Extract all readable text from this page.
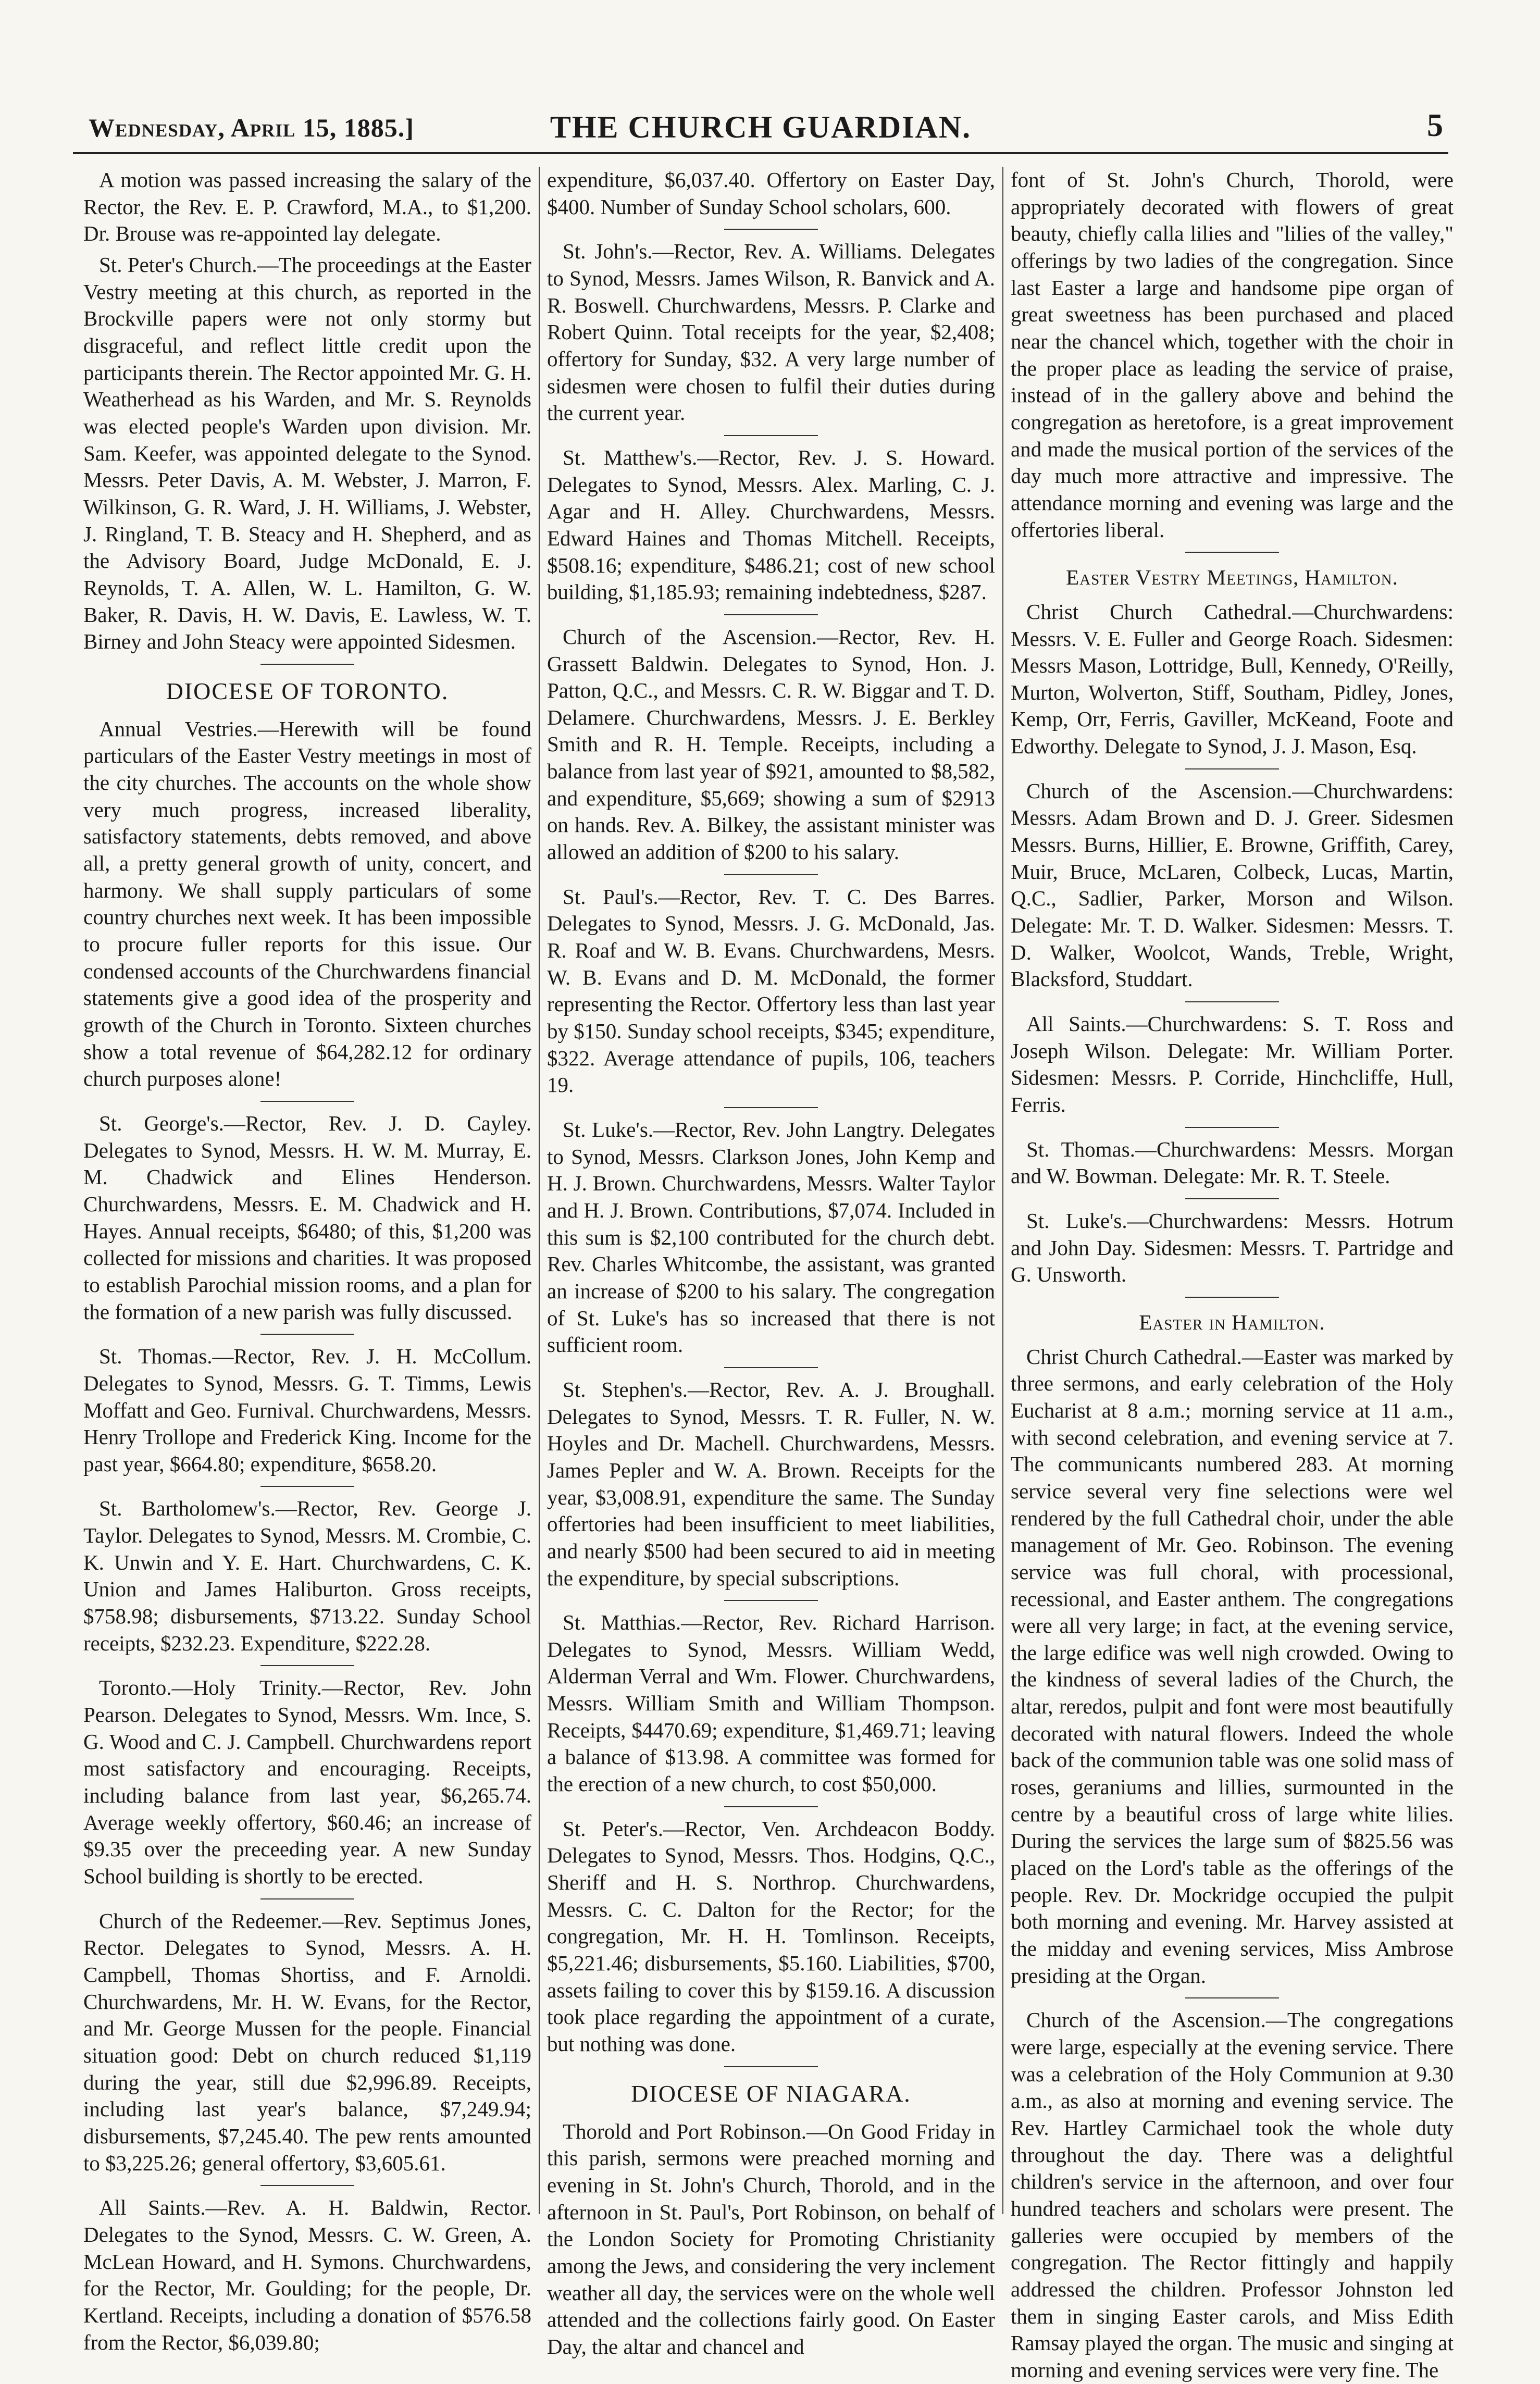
Wednesday, April 15, 1885.]	THE CHURCH GUARDIAN.	5

A motion was passed increasing the salary of the Rector, the Rev. E. P. Crawford, M.A., to $1,200. Dr. Brouse was re-appointed lay delegate.

St. Peter's Church.—The proceedings at the Easter Vestry meeting at this church, as reported in the Brockville papers were not only stormy but disgraceful, and reflect little credit upon the participants therein. The Rector appointed Mr. G. H. Weatherhead as his Warden, and Mr. S. Reynolds was elected people's Warden upon division. Mr. Sam. Keefer, was appointed delegate to the Synod. Messrs. Peter Davis, A. M. Webster, J. Marron, F. Wilkinson, G. R. Ward, J. H. Williams, J. Webster, J. Ringland, T. B. Steacy and H. Shepherd, and as the Advisory Board, Judge McDonald, E. J. Reynolds, T. A. Allen, W. L. Hamilton, G. W. Baker, R. Davis, H. W. Davis, E. Lawless, W. T. Birney and John Steacy were appointed Sidesmen.

DIOCESE OF TORONTO.

Annual Vestries.—Herewith will be found particulars of the Easter Vestry meetings in most of the city churches. The accounts on the whole show very much progress, increased liberality, satisfactory statements, debts removed, and above all, a pretty general growth of unity, concert, and harmony. We shall supply particulars of some country churches next week. It has been impossible to procure fuller reports for this issue. Our condensed accounts of the Churchwardens financial statements give a good idea of the prosperity and growth of the Church in Toronto. Sixteen churches show a total revenue of $64,282.12 for ordinary church purposes alone!

St. George's.—Rector, Rev. J. D. Cayley. Delegates to Synod, Messrs. H. W. M. Murray, E. M. Chadwick and Elines Henderson. Churchwardens, Messrs. E. M. Chadwick and H. Hayes. Annual receipts, $6480; of this, $1,200 was collected for missions and charities. It was proposed to establish Parochial mission rooms, and a plan for the formation of a new parish was fully discussed.

St. Thomas.—Rector, Rev. J. H. McCollum. Delegates to Synod, Messrs. G. T. Timms, Lewis Moffatt and Geo. Furnival. Churchwardens, Messrs. Henry Trollope and Frederick King. Income for the past year, $664.80; expenditure, $658.20.

St. Bartholomew's.—Rector, Rev. George J. Taylor. Delegates to Synod, Messrs. M. Crombie, C. K. Unwin and Y. E. Hart. Churchwardens, C. K. Union and James Haliburton. Gross receipts, $758.98; disbursements, $713.22. Sunday School receipts, $232.23. Expenditure, $222.28.

Toronto.—Holy Trinity.—Rector, Rev. John Pearson. Delegates to Synod, Messrs. Wm. Ince, S. G. Wood and C. J. Campbell. Churchwardens report most satisfactory and encouraging. Receipts, including balance from last year, $6,265.74. Average weekly offertory, $60.46; an increase of $9.35 over the preceeding year. A new Sunday School building is shortly to be erected.

Church of the Redeemer.—Rev. Septimus Jones, Rector. Delegates to Synod, Messrs. A. H. Campbell, Thomas Shortiss, and F. Arnoldi. Churchwardens, Mr. H. W. Evans, for the Rector, and Mr. George Mussen for the people. Financial situation good: Debt on church reduced $1,119 during the year, still due $2,996.89. Receipts, including last year's balance, $7,249.94; disbursements, $7,245.40. The pew rents amounted to $3,225.26; general offertory, $3,605.61.

All Saints.—Rev. A. H. Baldwin, Rector. Delegates to the Synod, Messrs. C. W. Green, A. McLean Howard, and H. Symons. Churchwardens, for the Rector, Mr. Goulding; for the people, Dr. Kertland. Receipts, including a donation of $576.58 from the Rector, $6,039.80;

expenditure, $6,037.40. Offertory on Easter Day, $400. Number of Sunday School scholars, 600.

St. John's.—Rector, Rev. A. Williams. Delegates to Synod, Messrs. James Wilson, R. Banvick and A. R. Boswell. Churchwardens, Messrs. P. Clarke and Robert Quinn. Total receipts for the year, $2,408; offertory for Sunday, $32. A very large number of sidesmen were chosen to fulfil their duties during the current year.

St. Matthew's.—Rector, Rev. J. S. Howard. Delegates to Synod, Messrs. Alex. Marling, C. J. Agar and H. Alley. Churchwardens, Messrs. Edward Haines and Thomas Mitchell. Receipts, $508.16; expenditure, $486.21; cost of new school building, $1,185.93; remaining indebtedness, $287.

Church of the Ascension.—Rector, Rev. H. Grassett Baldwin. Delegates to Synod, Hon. J. Patton, Q.C., and Messrs. C. R. W. Biggar and T. D. Delamere. Churchwardens, Messrs. J. E. Berkley Smith and R. H. Temple. Receipts, including a balance from last year of $921, amounted to $8,582, and expenditure, $5,669; showing a sum of $2913 on hands. Rev. A. Bilkey, the assistant minister was allowed an addition of $200 to his salary.

St. Paul's.—Rector, Rev. T. C. Des Barres. Delegates to Synod, Messrs. J. G. McDonald, Jas. R. Roaf and W. B. Evans. Churchwardens, Mesrs. W. B. Evans and D. M. McDonald, the former representing the Rector. Offertory less than last year by $150. Sunday school receipts, $345; expenditure, $322. Average attendance of pupils, 106, teachers 19.

St. Luke's.—Rector, Rev. John Langtry. Delegates to Synod, Messrs. Clarkson Jones, John Kemp and H. J. Brown. Churchwardens, Messrs. Walter Taylor and H. J. Brown. Contributions, $7,074. Included in this sum is $2,100 contributed for the church debt. Rev. Charles Whitcombe, the assistant, was granted an increase of $200 to his salary. The congregation of St. Luke's has so increased that there is not sufficient room.

St. Stephen's.—Rector, Rev. A. J. Broughall. Delegates to Synod, Messrs. T. R. Fuller, N. W. Hoyles and Dr. Machell. Churchwardens, Messrs. James Pepler and W. A. Brown. Receipts for the year, $3,008.91, expenditure the same. The Sunday offertories had been insufficient to meet liabilities, and nearly $500 had been secured to aid in meeting the expenditure, by special subscriptions.

St. Matthias.—Rector, Rev. Richard Harrison. Delegates to Synod, Messrs. William Wedd, Alderman Verral and Wm. Flower. Churchwardens, Messrs. William Smith and William Thompson. Receipts, $4470.69; expenditure, $1,469.71; leaving a balance of $13.98. A committee was formed for the erection of a new church, to cost $50,000.

St. Peter's.—Rector, Ven. Archdeacon Boddy. Delegates to Synod, Messrs. Thos. Hodgins, Q.C., Sheriff and H. S. Northrop. Churchwardens, Messrs. C. C. Dalton for the Rector; for the congregation, Mr. H. H. Tomlinson. Receipts, $5,221.46; disbursements, $5.160. Liabilities, $700, assets failing to cover this by $159.16. A discussion took place regarding the appointment of a curate, but nothing was done.

DIOCESE OF NIAGARA.

Thorold and Port Robinson.—On Good Friday in this parish, sermons were preached morning and evening in St. John's Church, Thorold, and in the afternoon in St. Paul's, Port Robinson, on behalf of the London Society for Promoting Christianity among the Jews, and considering the very inclement weather all day, the services were on the whole well attended and the collections fairly good. On Easter Day, the altar and chancel and

font of St. John's Church, Thorold, were appropriately decorated with flowers of great beauty, chiefly calla lilies and "lilies of the valley," offerings by two ladies of the congregation. Since last Easter a large and handsome pipe organ of great sweetness has been purchased and placed near the chancel which, together with the choir in the proper place as leading the service of praise, instead of in the gallery above and behind the congregation as heretofore, is a great improvement and made the musical portion of the services of the day much more attractive and impressive. The attendance morning and evening was large and the offertories liberal.

Easter Vestry Meetings, Hamilton.

Christ Church Cathedral.—Churchwardens: Messrs. V. E. Fuller and George Roach. Sidesmen: Messrs Mason, Lottridge, Bull, Kennedy, O'Reilly, Murton, Wolverton, Stiff, Southam, Pidley, Jones, Kemp, Orr, Ferris, Gaviller, McKeand, Foote and Edworthy. Delegate to Synod, J. J. Mason, Esq.

Church of the Ascension.—Churchwardens: Messrs. Adam Brown and D. J. Greer. Sidesmen Messrs. Burns, Hillier, E. Browne, Griffith, Carey, Muir, Bruce, McLaren, Colbeck, Lucas, Martin, Q.C., Sadlier, Parker, Morson and Wilson. Delegate: Mr. T. D. Walker. Sidesmen: Messrs. T. D. Walker, Woolcot, Wands, Treble, Wright, Blacksford, Studdart.

All Saints.—Churchwardens: S. T. Ross and Joseph Wilson. Delegate: Mr. William Porter. Sidesmen: Messrs. P. Corride, Hinchcliffe, Hull, Ferris.

St. Thomas.—Churchwardens: Messrs. Morgan and W. Bowman. Delegate: Mr. R. T. Steele.

St. Luke's.—Churchwardens: Messrs. Hotrum and John Day. Sidesmen: Messrs. T. Partridge and G. Unsworth.

Easter in Hamilton.

Christ Church Cathedral.—Easter was marked by three sermons, and early celebration of the Holy Eucharist at 8 a.m.; morning service at 11 a.m., with second celebration, and evening service at 7. The communicants numbered 283. At morning service several very fine selections were wel rendered by the full Cathedral choir, under the able management of Mr. Geo. Robinson. The evening service was full choral, with processional, recessional, and Easter anthem. The congregations were all very large; in fact, at the evening service, the large edifice was well nigh crowded. Owing to the kindness of several ladies of the Church, the altar, reredos, pulpit and font were most beautifully decorated with natural flowers. Indeed the whole back of the communion table was one solid mass of roses, geraniums and lillies, surmounted in the centre by a beautiful cross of large white lilies. During the services the large sum of $825.56 was placed on the Lord's table as the offerings of the people. Rev. Dr. Mockridge occupied the pulpit both morning and evening. Mr. Harvey assisted at the midday and evening services, Miss Ambrose presiding at the Organ.

Church of the Ascension.—The congregations were large, especially at the evening service. There was a celebration of the Holy Communion at 9.30 a.m., as also at morning and evening service. The Rev. Hartley Carmichael took the whole duty throughout the day. There was a delightful children's service in the afternoon, and over four hundred teachers and scholars were present. The galleries were occupied by members of the congregation. The Rector fittingly and happily addressed the children. Professor Johnston led them in singing Easter carols, and Miss Edith Ramsay played the organ. The music and singing at morning and evening services were very fine. The
